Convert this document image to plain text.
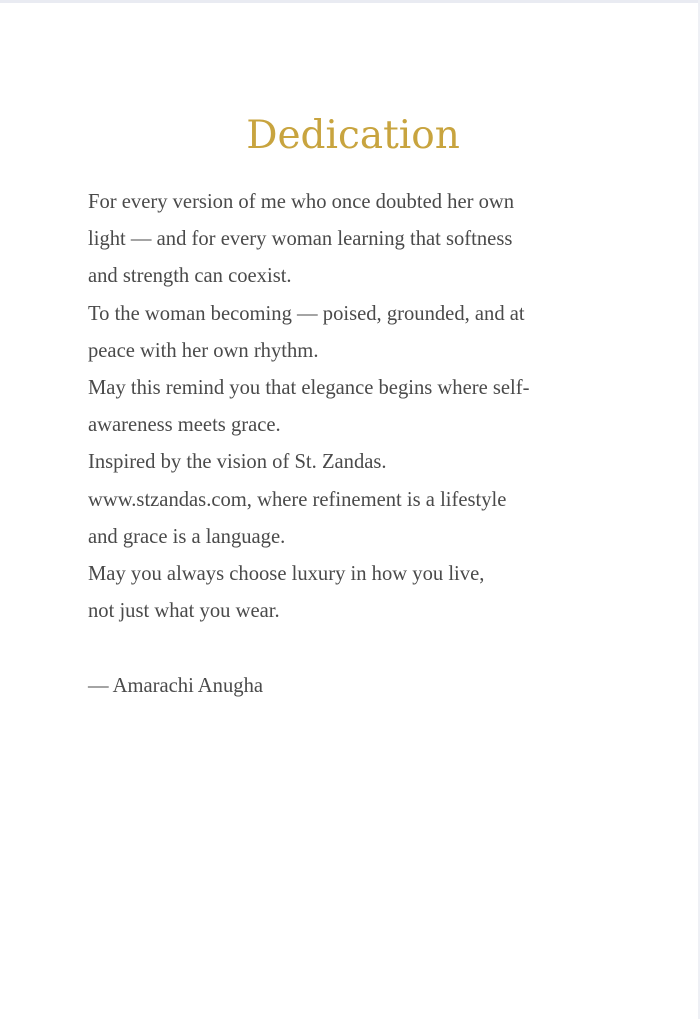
Dedication
For every version of me who once doubted her own
light — and for every woman learning that softness
and strength can coexist.
To the woman becoming — poised, grounded, and at
peace with her own rhythm.
May this remind you that elegance begins where self-
awareness meets grace.
Inspired by the vision of St. Zandas.
www.stzandas.com, where refinement is a lifestyle
and grace is a language.
May you always choose luxury in how you live,
not just what you wear.
— Amarachi Anugha
